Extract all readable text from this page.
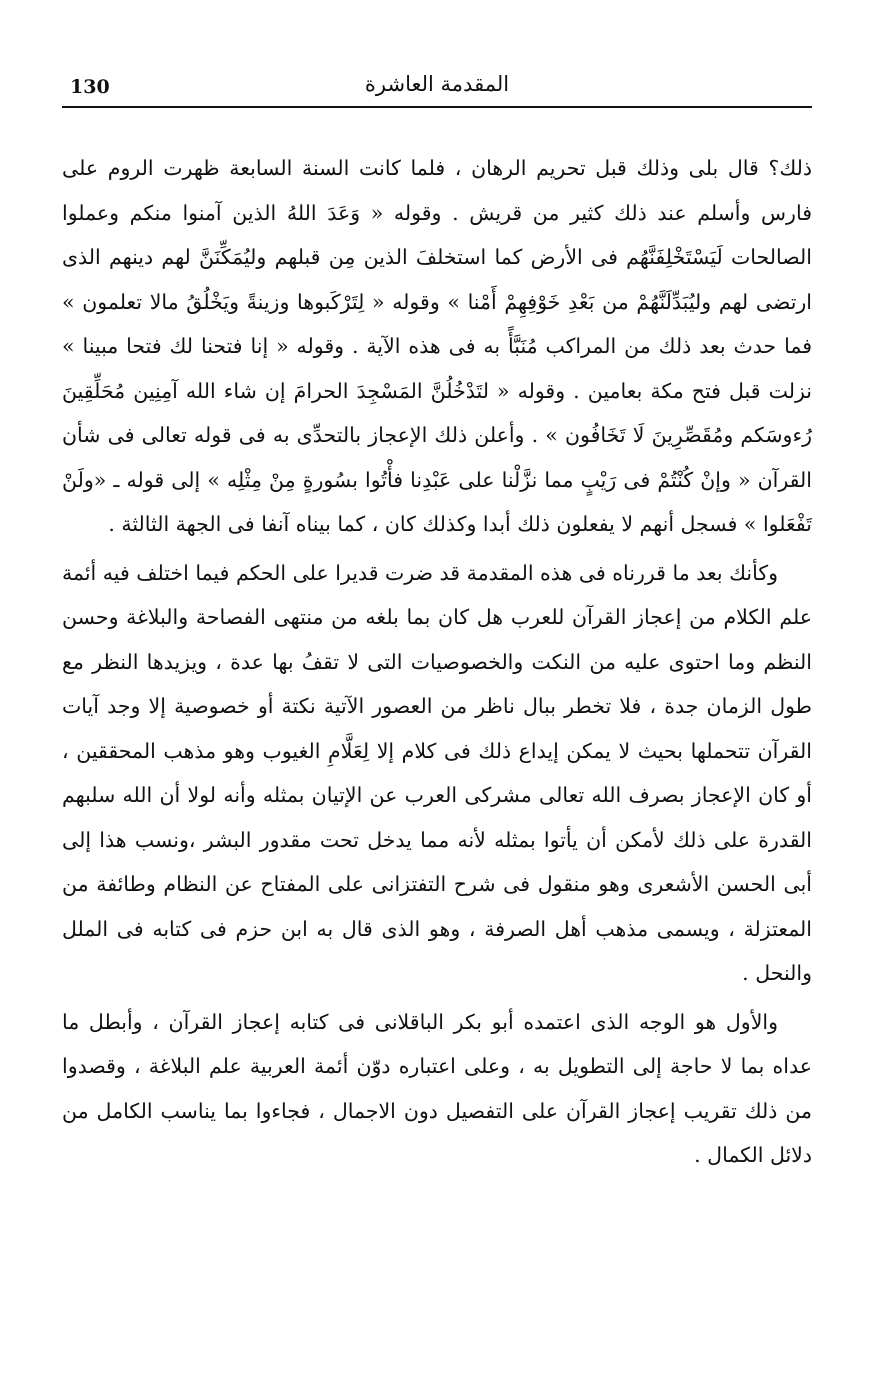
130	المقدمة العاشرة

ذلك؟ قال بلى وذلك قبل تحريم الرهان ، فلما كانت السنة السابعة ظهرت الروم على فارس وأسلم عند ذلك كثير من قريش . وقوله « وَعَدَ اللهُ الذين آمنوا منكم وعملوا الصالحات لَيَسْتَخْلِفَنَّهُم فى الأرض كما استخلفَ الذين مِن قبلهم وليُمَكِّنَنَّ لهم دينهم الذى ارتضى لهم وليُبَدِّلَنَّهُمْ من بَعْدِ خَوْفِهِمْ أَمْنا » وقوله « لِتَرْكَبوها وزينةً ويَخْلُقُ مالا تعلمون » فما حدث بعد ذلك من المراكب مُنَبَّأً به فى هذه الآية . وقوله « إنا فتحنا لك فتحا مبينا » نزلت قبل فتح مكة بعامين . وقوله « لتَدْخُلُنَّ المَسْجِدَ الحرامَ إن شاء الله آمِنِين مُحَلِّقِينَ رُءوسَكم ومُقَصِّرِينَ لَا تَخَافُون » . وأعلن ذلك الإعجاز بالتحدِّى به فى قوله تعالى فى شأن القرآن « وإنْ كُنْتُمْ فى رَيْبٍ مما نزَّلْنا على عَبْدِنا فأْتُوا بسُورةٍ مِنْ مِثْلِه » إلى قوله ـ «ولَنْ تَفْعَلوا » فسجل أنهم لا يفعلون ذلك أبدا وكذلك كان ، كما بيناه آنفا فى الجهة الثالثة .

وكأنك بعد ما قررناه فى هذه المقدمة قد ضرت قديرا على الحكم فيما اختلف فيه أئمة علم الكلام من إعجاز القرآن للعرب هل كان بما بلغه من منتهى الفصاحة والبلاغة وحسن النظم وما احتوى عليه من النكت والخصوصيات التى لا تقفُ بها عدة ، ويزيدها النظر مع طول الزمان جدة ، فلا تخطر ببال ناظر من العصور الآتية نكتة أو خصوصية إلا وجد آيات القرآن تتحملها بحيث لا يمكن إيداع ذلك فى كلام إلا لِعَلَّامِ الغيوب وهو مذهب المحققين ، أو كان الإعجاز بصرف الله تعالى مشركى العرب عن الإتيان بمثله وأنه لولا أن الله سلبهم القدرة على ذلك لأمكن أن يأتوا بمثله لأنه مما يدخل تحت مقدور البشر ،ونسب هذا إلى أبى الحسن الأشعرى وهو منقول فى شرح التفتزانى على المفتاح عن النظام وطائفة من المعتزلة ، ويسمى مذهب أهل الصرفة ، وهو الذى قال به ابن حزم فى كتابه فى الملل والنحل .

والأول هو الوجه الذى اعتمده أبو بكر الباقلانى فى كتابه إعجاز القرآن ، وأبطل ما عداه بما لا حاجة إلى التطويل به ، وعلى اعتباره دوّن أئمة العربية علم البلاغة ، وقصدوا من ذلك تقريب إعجاز القرآن على التفصيل دون الاجمال ، فجاءوا بما يناسب الكامل من دلائل الكمال .
